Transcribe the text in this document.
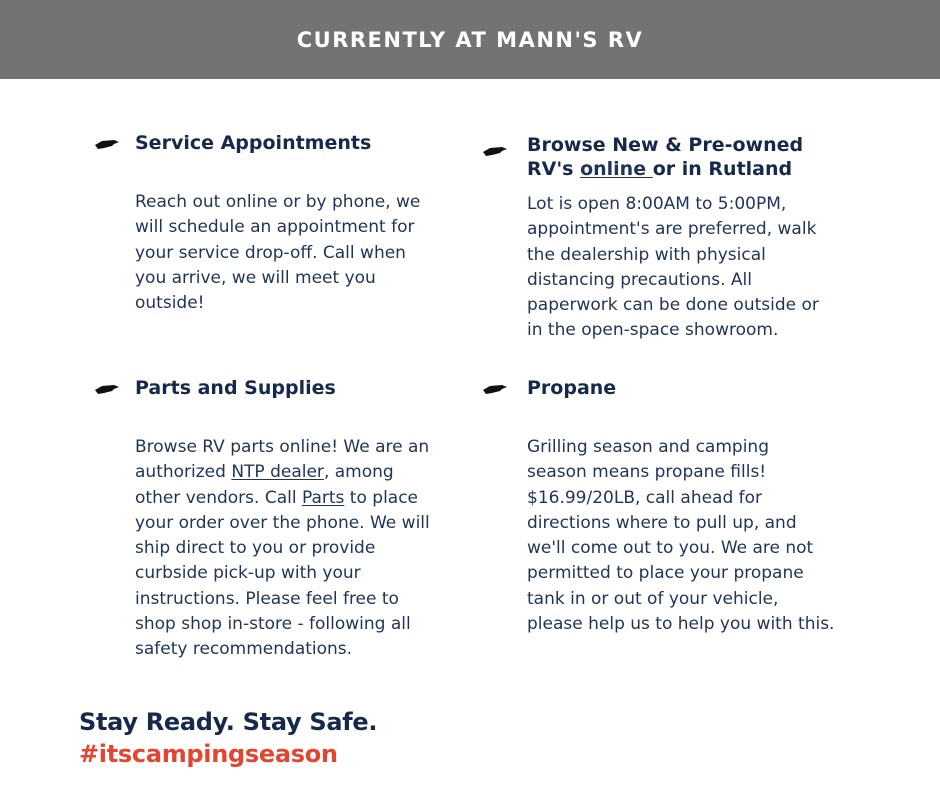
CURRENTLY AT MANN'S RV
Service Appointments
Reach out online or by phone, we
will schedule an appointment for
your service drop-off. Call when
you arrive, we will meet you
outside!
Browse New & Pre-owned
RV's online or in Rutland
Lot is open 8:00AM to 5:00PM,
appointment's are preferred, walk
the dealership with physical
distancing precautions. All
paperwork can be done outside or
in the open-space showroom.
Parts and Supplies
Browse RV parts online! We are an
authorized NTP dealer, among
other vendors. Call Parts to place
your order over the phone. We will
ship direct to you or provide
curbside pick-up with your
instructions. Please feel free to
shop shop in-store - following all
safety recommendations.
Propane
Grilling season and camping
season means propane fills!
$16.99/20LB, call ahead for
directions where to pull up, and
we'll come out to you. We are not
permitted to place your propane
tank in or out of your vehicle,
please help us to help you with this.

Stay Ready. Stay Safe.

#itscampingseason
